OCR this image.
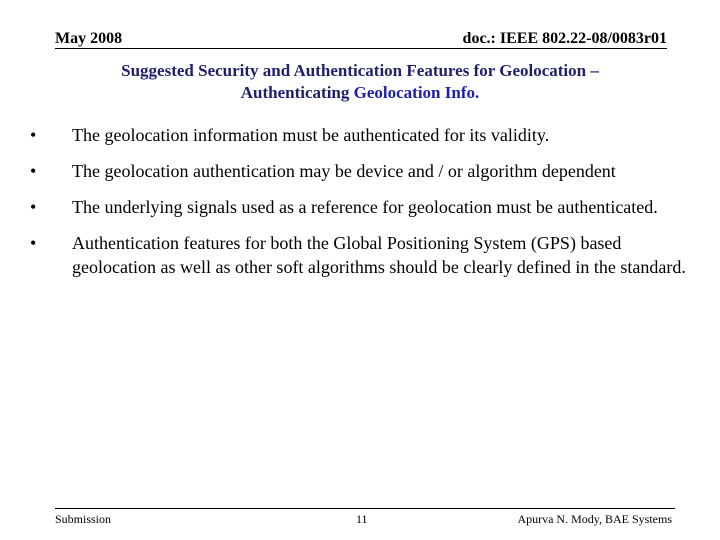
May 2008	doc.: IEEE 802.22-08/0083r01
Suggested Security and Authentication Features for Geolocation –
Authenticating Geolocation Info.
• The geolocation information must be authenticated for its validity.
• The geolocation authentication may be device and / or algorithm dependent
• The underlying signals used as a reference for geolocation must be authenticated.
• Authentication features for both the Global Positioning System (GPS) based geolocation as well as other soft algorithms should be clearly defined in the standard.
Submission	11	Apurva N. Mody, BAE Systems
